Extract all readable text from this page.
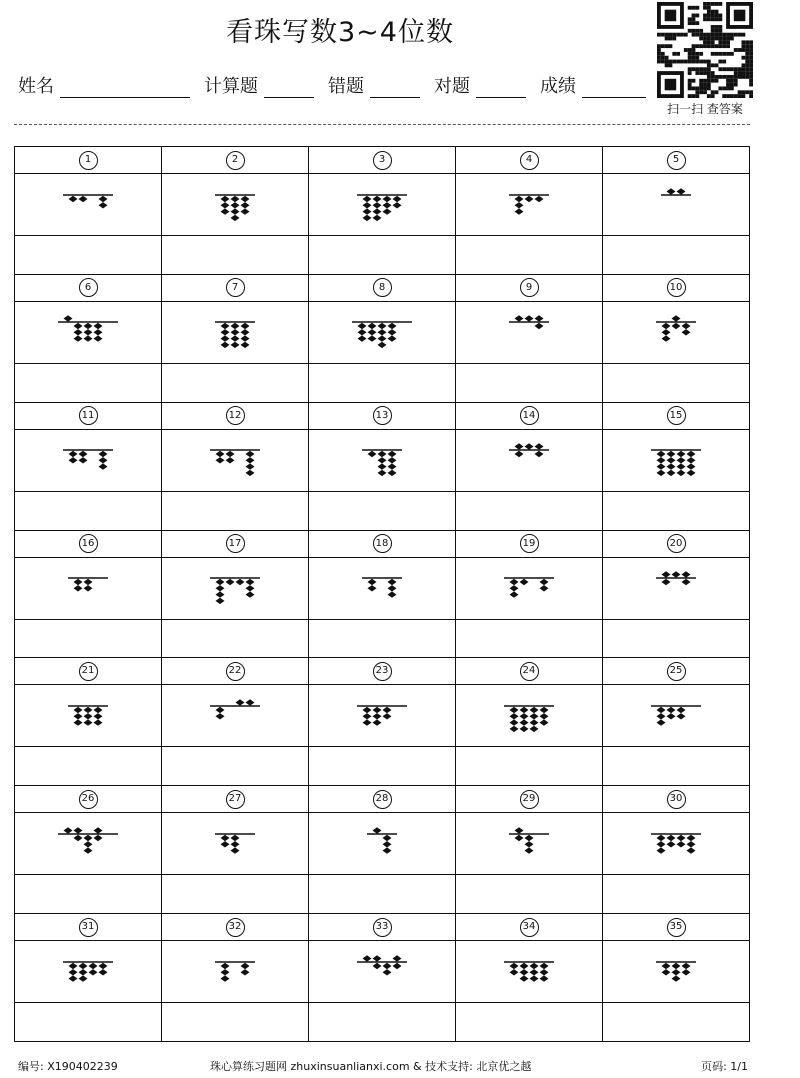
看珠写数3~4位数
姓名	计算题	错题	对题	成绩
扫一扫 查答案
1	2	3	4	5
6	7	8	9	10
11	12	13	14	15
16	17	18	19	20
21	22	23	24	25
26	27	28	29	30
31	32	33	34	35
编号: X190402239	珠心算练习题网 zhuxinsuanlianxi.com & 技术支持: 北京优之越	页码: 1/1
